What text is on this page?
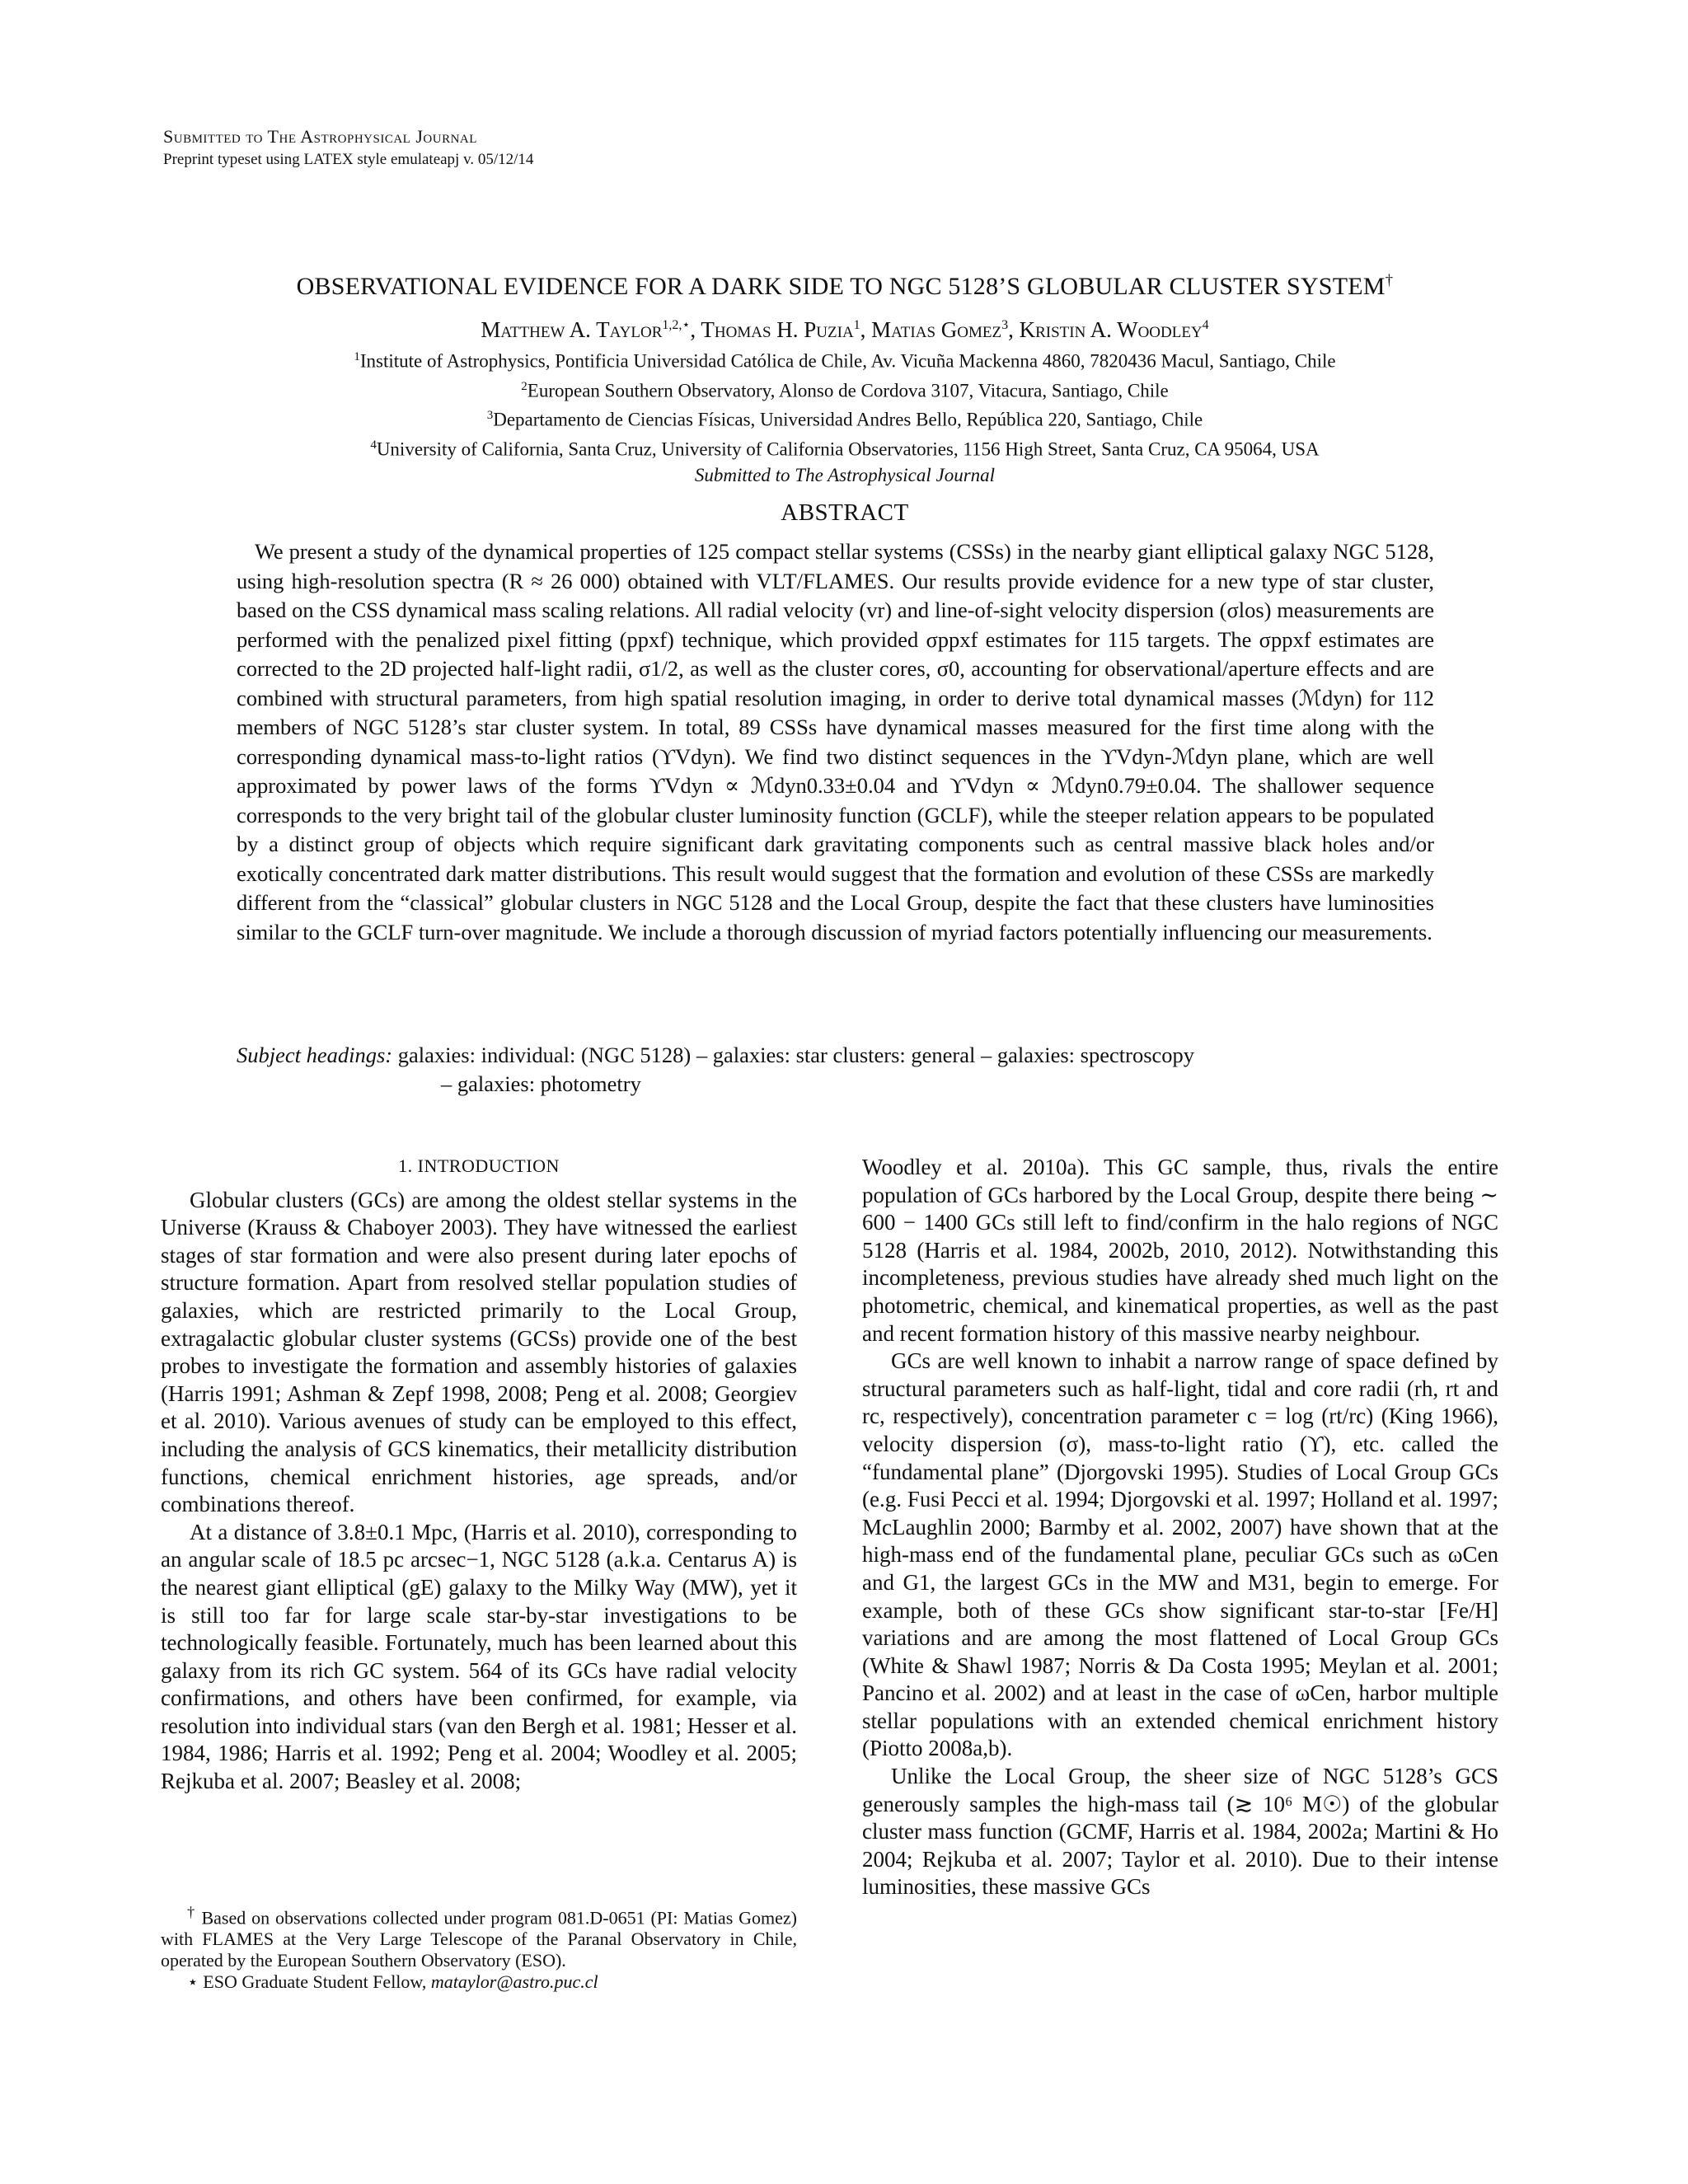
Submitted to The Astrophysical Journal
Preprint typeset using LATEX style emulateapj v. 05/12/14
OBSERVATIONAL EVIDENCE FOR A DARK SIDE TO NGC 5128’S GLOBULAR CLUSTER SYSTEM†
Matthew A. Taylor$^{1,2,⋆}$, Thomas H. Puzia$^1$, Matias Gomez$^3$, Kristin A. Woodley$^4$
$^1$Institute of Astrophysics, Pontificia Universidad Católica de Chile, Av. Vicuña Mackenna 4860, 7820436 Macul, Santiago, Chile
$^2$European Southern Observatory, Alonso de Cordova 3107, Vitacura, Santiago, Chile
$^3$Departamento de Ciencias Físicas, Universidad Andres Bello, República 220, Santiago, Chile
$^4$University of California, Santa Cruz, University of California Observatories, 1156 High Street, Santa Cruz, CA 95064, USA
Submitted to The Astrophysical Journal
ABSTRACT
We present a study of the dynamical properties of 125 compact stellar systems (CSSs) in the nearby giant elliptical galaxy NGC 5128, using high-resolution spectra (R ≈ 26 000) obtained with VLT/FLAMES. Our results provide evidence for a new type of star cluster, based on the CSS dynamical mass scaling relations. All radial velocity (vr) and line-of-sight velocity dispersion (σlos) measurements are performed with the penalized pixel fitting (ppxf) technique, which provided σppxf estimates for 115 targets. The σppxf estimates are corrected to the 2D projected half-light radii, σ1/2, as well as the cluster cores, σ0, accounting for observational/aperture effects and are combined with structural parameters, from high spatial resolution imaging, in order to derive total dynamical masses (ℳdyn) for 112 members of NGC 5128’s star cluster system. In total, 89 CSSs have dynamical masses measured for the first time along with the corresponding dynamical mass-to-light ratios (ϒVdyn). We find two distinct sequences in the ϒVdyn-ℳdyn plane, which are well approximated by power laws of the forms ϒVdyn ∝ ℳdyn0.33±0.04 and ϒVdyn ∝ ℳdyn0.79±0.04. The shallower sequence corresponds to the very bright tail of the globular cluster luminosity function (GCLF), while the steeper relation appears to be populated by a distinct group of objects which require significant dark gravitating components such as central massive black holes and/or exotically concentrated dark matter distributions. This result would suggest that the formation and evolution of these CSSs are markedly different from the “classical” globular clusters in NGC 5128 and the Local Group, despite the fact that these clusters have luminosities similar to the GCLF turn-over magnitude. We include a thorough discussion of myriad factors potentially influencing our measurements.
Subject headings: galaxies: individual: (NGC 5128) – galaxies: star clusters: general – galaxies: spectroscopy
– galaxies: photometry
1. INTRODUCTION

Globular clusters (GCs) are among the oldest stellar systems in the Universe (Krauss & Chaboyer 2003). They have witnessed the earliest stages of star formation and were also present during later epochs of structure formation. Apart from resolved stellar population studies of galaxies, which are restricted primarily to the Local Group, extragalactic globular cluster systems (GCSs) provide one of the best probes to investigate the formation and assembly histories of galaxies (Harris 1991; Ashman & Zepf 1998, 2008; Peng et al. 2008; Georgiev et al. 2010). Various avenues of study can be employed to this effect, including the analysis of GCS kinematics, their metallicity distribution functions, chemical enrichment histories, age spreads, and/or combinations thereof.

At a distance of 3.8±0.1 Mpc, (Harris et al. 2010), corresponding to an angular scale of 18.5 pc arcsec−1, NGC 5128 (a.k.a. Centarus A) is the nearest giant elliptical (gE) galaxy to the Milky Way (MW), yet it is still too far for large scale star-by-star investigations to be technologically feasible. Fortunately, much has been learned about this galaxy from its rich GC system. 564 of its GCs have radial velocity confirmations, and others have been confirmed, for example, via resolution into individual stars (van den Bergh et al. 1981; Hesser et al. 1984, 1986; Harris et al. 1992; Peng et al. 2004; Woodley et al. 2005; Rejkuba et al. 2007; Beasley et al. 2008;

Woodley et al. 2010a). This GC sample, thus, rivals the entire population of GCs harbored by the Local Group, despite there being ∼ 600 − 1400 GCs still left to find/confirm in the halo regions of NGC 5128 (Harris et al. 1984, 2002b, 2010, 2012). Notwithstanding this incompleteness, previous studies have already shed much light on the photometric, chemical, and kinematical properties, as well as the past and recent formation history of this massive nearby neighbour.

GCs are well known to inhabit a narrow range of space defined by structural parameters such as half-light, tidal and core radii (rh, rt and rc, respectively), concentration parameter c = log (rt/rc) (King 1966), velocity dispersion (σ), mass-to-light ratio (ϒ), etc. called the “fundamental plane” (Djorgovski 1995). Studies of Local Group GCs (e.g. Fusi Pecci et al. 1994; Djorgovski et al. 1997; Holland et al. 1997; McLaughlin 2000; Barmby et al. 2002, 2007) have shown that at the high-mass end of the fundamental plane, peculiar GCs such as ωCen and G1, the largest GCs in the MW and M31, begin to emerge. For example, both of these GCs show significant star-to-star [Fe/H] variations and are among the most flattened of Local Group GCs (White & Shawl 1987; Norris & Da Costa 1995; Meylan et al. 2001; Pancino et al. 2002) and at least in the case of ωCen, harbor multiple stellar populations with an extended chemical enrichment history (Piotto 2008a,b).

Unlike the Local Group, the sheer size of NGC 5128’s GCS generously samples the high-mass tail (≳ 10⁶ M☉) of the globular cluster mass function (GCMF, Harris et al. 1984, 2002a; Martini & Ho 2004; Rejkuba et al. 2007; Taylor et al. 2010). Due to their intense luminosities, these massive GCs

† Based on observations collected under program 081.D-0651 (PI: Matias Gomez) with FLAMES at the Very Large Telescope of the Paranal Observatory in Chile, operated by the European Southern Observatory (ESO).

⋆ ESO Graduate Student Fellow, mataylor@astro.puc.cl
